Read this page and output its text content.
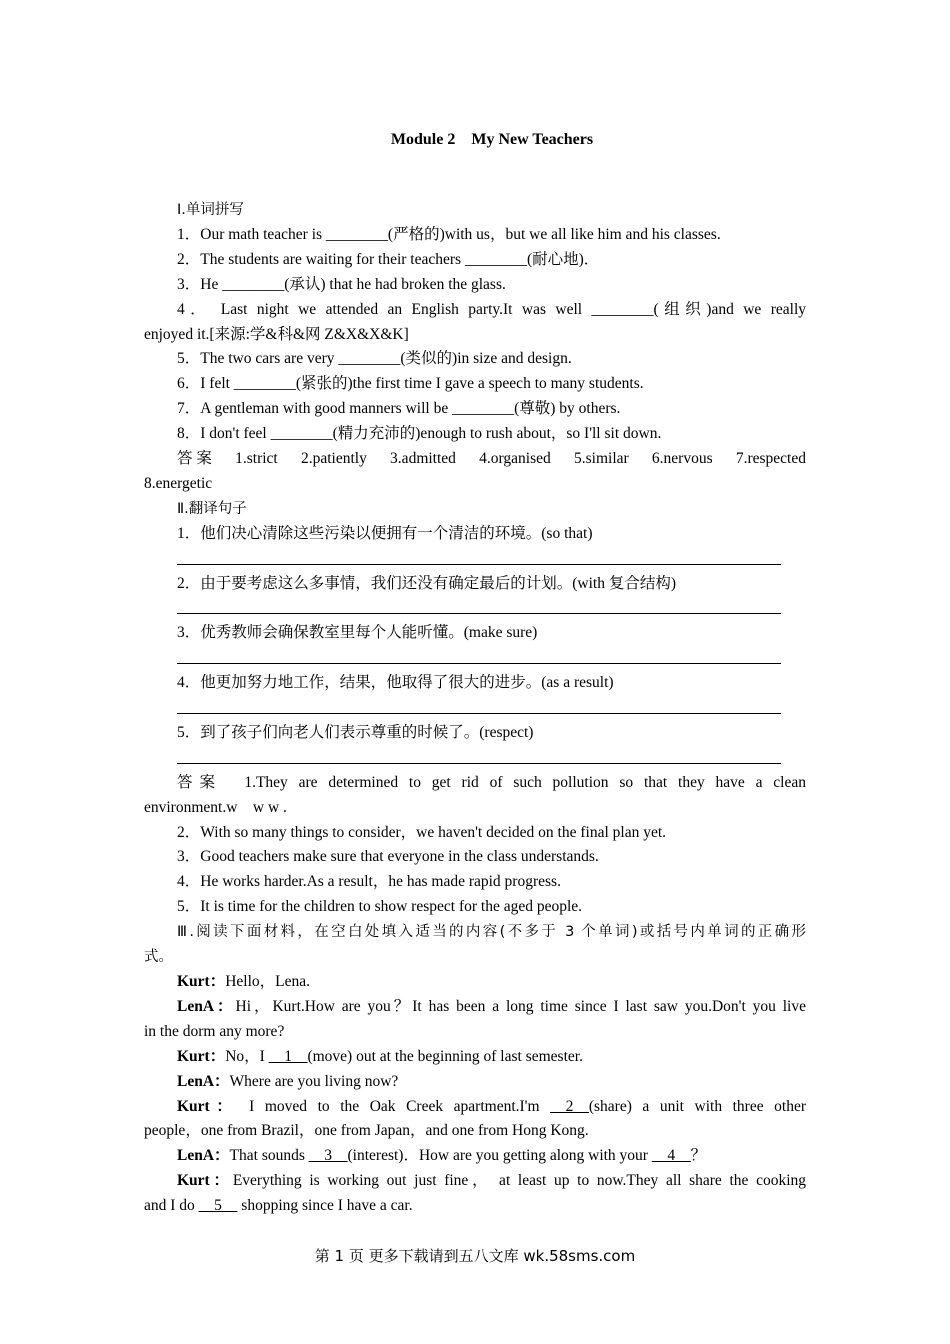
Module 2　My New Teachers
Ⅰ.单词拼写
1．Our math teacher is ________(严格的)with us，but we all like him and his classes.
2．The students are waiting for their teachers ________(耐心地)．
3．He ________(承认) that he had broken the glass.
4． Last night we attended an English party.It was well ________(组织)and we really
enjoyed it.[来源:学&科&网 Z&X&X&K]
5．The two cars are very ________(类似的)in size and design.
6．I felt ________(紧张的)the first time I gave a speech to many students.
7．A gentleman with good manners will be ________(尊敬) by others.
8．I don't feel ________(精力充沛的)enough to rush about，so I'll sit down.
答案　1.strict　2.patiently　3.admitted　4.organised　5.similar　6.nervous　7.respected
8.energetic
Ⅱ.翻译句子
1．他们决心清除这些污染以便拥有一个清洁的环境。(so that)
2．由于要考虑这么多事情，我们还没有确定最后的计划。(with 复合结构)
3．优秀教师会确保教室里每个人能听懂。(make sure)
4．他更加努力地工作，结果，他取得了很大的进步。(as a result)
5．到了孩子们向老人们表示尊重的时候了。(respect)
答案　1.They are determined to get rid of such pollution so that they have a clean
environment.w　w w .
2．With so many things to consider，we haven't decided on the final plan yet.
3．Good teachers make sure that everyone in the class understands.
4．He works harder.As a result，he has made rapid progress.
5．It is time for the children to show respect for the aged people.
Ⅲ.阅读下面材料，在空白处填入适当的内容(不多于 3 个单词)或括号内单词的正确形
式。
Kurt：Hello，Lena.
LenA：Hi，Kurt.How are you？It has been a long time since I last saw you.Don't you live
in the dorm any more?
Kurt：No，I __1__(move) out at the beginning of last semester.
LenA：Where are you living now?
Kurt： I moved to the Oak Creek apartment.I'm __2__(share) a unit with three other
people，one from Brazil，one from Japan，and one from Hong Kong.
LenA：That sounds __3__(interest)．How are you getting along with your __4__？
Kurt：Everything is working out just fine， at least up to now.They all share the cooking
and I do __5__ shopping since I have a car.
第 1 页 更多下载请到五八文库 wk.58sms.com
